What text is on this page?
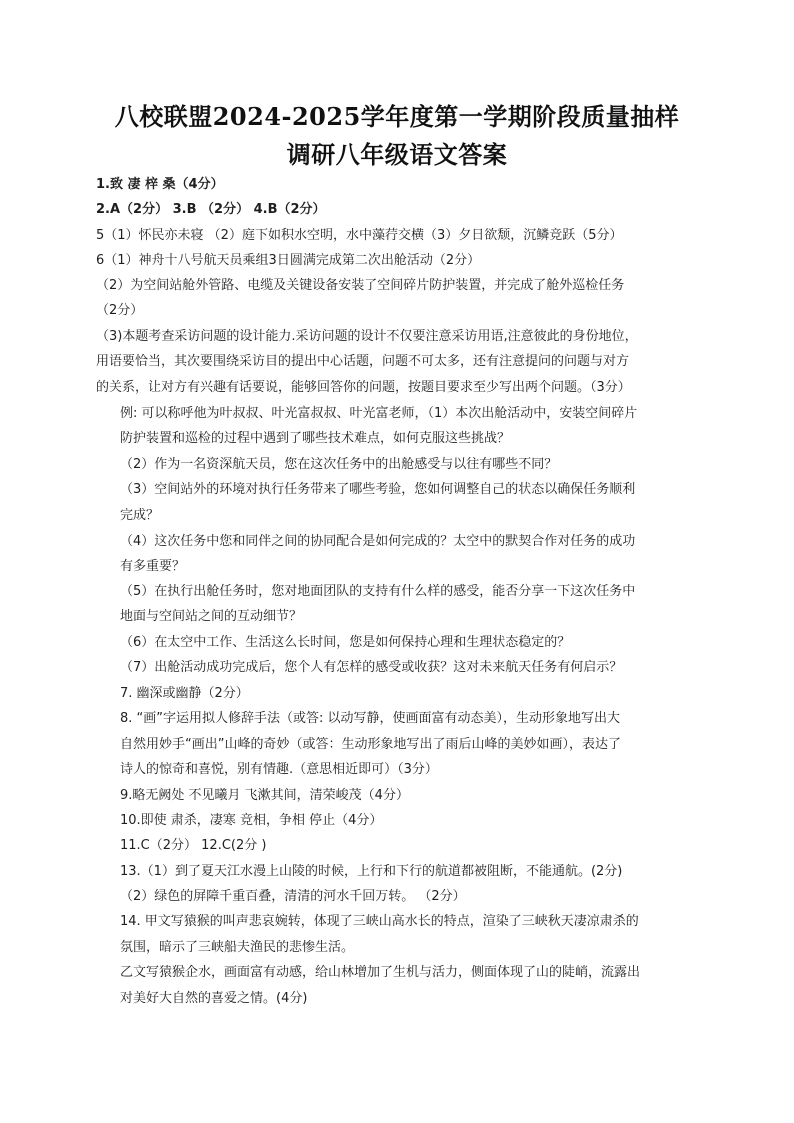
八校联盟2024-2025学年度第一学期阶段质量抽样
调研八年级语文答案
1.致 凄 梓 桑（4分）
2.A（2分） 3.B （2分） 4.B（2分）
5（1）怀民亦未寝 （2）庭下如积水空明，水中藻荇交横（3）夕日欲颓，沉鳞竞跃（5分）
6（1）神舟十八号航天员乘组3日圆满完成第二次出舱活动（2分）
（2）为空间站舱外管路、电缆及关键设备安装了空间碎片防护装置，并完成了舱外巡检任务
（2分）
（3)本题考查采访问题的设计能力.采访问题的设计不仅要注意采访用语,注意彼此的身份地位，
用语要恰当，其次要围绕采访目的提出中心话题，问题不可太多，还有注意提问的问题与对方
的关系，让对方有兴趣有话要说，能够回答你的问题，按题目要求至少写出两个问题。（3分）
例: 可以称呼他为叶叔叔、叶光富叔叔、叶光富老师，（1）本次出舱活动中，安装空间碎片
防护装置和巡检的过程中遇到了哪些技术难点，如何克服这些挑战？
（2）作为一名资深航天员，您在这次任务中的出舱感受与以往有哪些不同？
（3）空间站外的环境对执行任务带来了哪些考验，您如何调整自己的状态以确保任务顺利
完成？
（4）这次任务中您和同伴之间的协同配合是如何完成的？太空中的默契合作对任务的成功
有多重要？
（5）在执行出舱任务时，您对地面团队的支持有什么样的感受，能否分享一下这次任务中
地面与空间站之间的互动细节？
（6）在太空中工作、生活这么长时间，您是如何保持心理和生理状态稳定的？
（7）出舱活动成功完成后，您个人有怎样的感受或收获？这对未来航天任务有何启示？
7. 幽深或幽静（2分）
8. “画”字运用拟人修辞手法（或答: 以动写静，使画面富有动态美），生动形象地写出大
自然用妙手“画出”山峰的奇妙（或答：生动形象地写出了雨后山峰的美妙如画），表达了
诗人的惊奇和喜悦，别有情趣.（意思相近即可）（3分）
9.略无阙处 不见曦月 飞漱其间，清荣峻茂（4分）
10.即使 肃杀，凄寒 竞相，争相 停止（4分）
11.C（2分） 12.C(2分 )
13.（1）到了夏天江水漫上山陵的时候，上行和下行的航道都被阻断，不能通航。(2分)
（2）绿色的屏障千重百叠，清清的河水千回万转。 （2分）
14. 甲文写猿猴的叫声悲哀婉转，体现了三峡山高水长的特点，渲染了三峡秋天凄凉肃杀的
氛围，暗示了三峡船夫渔民的悲惨生活。
乙文写猿猴企水，画面富有动感，给山林增加了生机与活力，侧面体现了山的陡峭，流露出
对美好大自然的喜爱之情。(4分)
